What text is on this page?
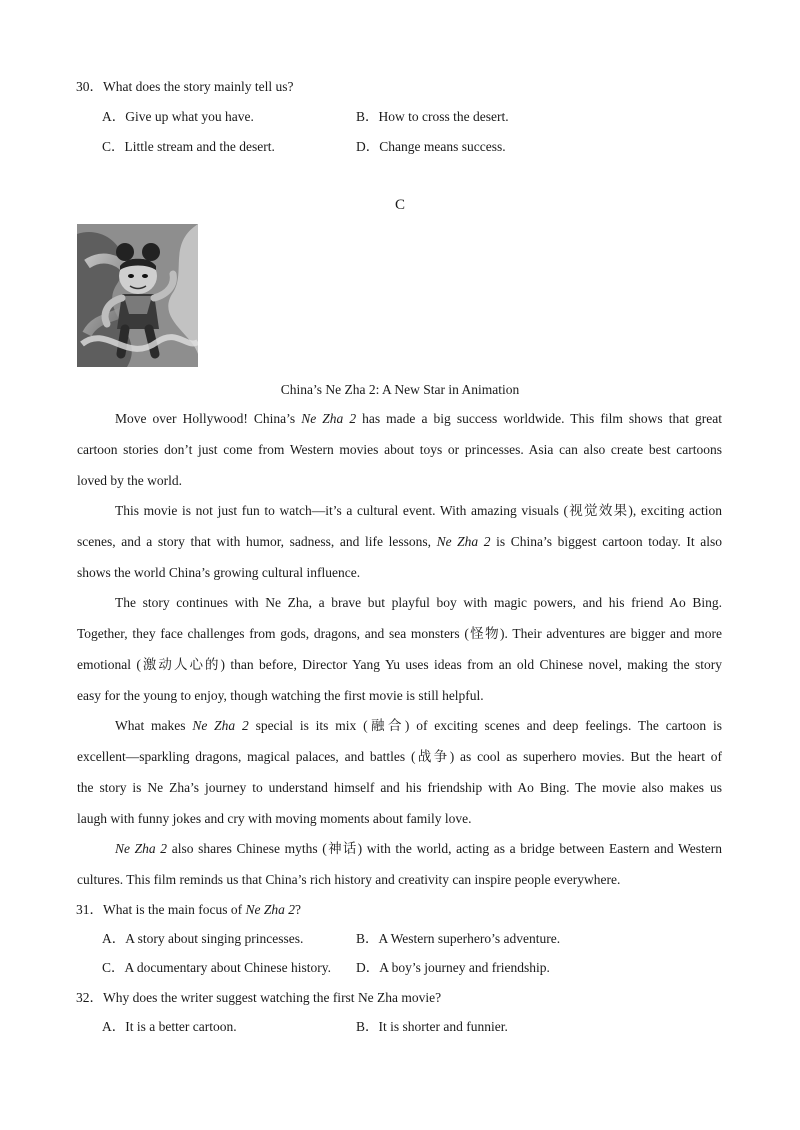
30．What does the story mainly tell us?
A．Give up what you have.	B．How to cross the desert.
C．Little stream and the desert.	D．Change means success.
C
China’s Ne Zha 2: A New Star in Animation
Move over Hollywood! China’s Ne Zha 2 has made a big success worldwide. This film shows that great
cartoon stories don’t just come from Western movies about toys or princesses. Asia can also create best cartoons
loved by the world.
This movie is not just fun to watch—it’s a cultural event. With amazing visuals (视觉效果), exciting action
scenes, and a story that with humor, sadness, and life lessons, Ne Zha 2 is China’s biggest cartoon today. It also
shows the world China’s growing cultural influence.
The story continues with Ne Zha, a brave but playful boy with magic powers, and his friend Ao Bing.
Together, they face challenges from gods, dragons, and sea monsters (怪物). Their adventures are bigger and more
emotional (激动人心的) than before, Director Yang Yu uses ideas from an old Chinese novel, making the story
easy for the young to enjoy, though watching the first movie is still helpful.
What makes Ne Zha 2 special is its mix (融合) of exciting scenes and deep feelings. The cartoon is
excellent—sparkling dragons, magical palaces, and battles (战争) as cool as superhero movies. But the heart of
the story is Ne Zha’s journey to understand himself and his friendship with Ao Bing. The movie also makes us
laugh with funny jokes and cry with moving moments about family love.
Ne Zha 2 also shares Chinese myths (神话) with the world, acting as a bridge between Eastern and Western
cultures. This film reminds us that China’s rich history and creativity can inspire people everywhere.
31．What is the main focus of Ne Zha 2?
A．A story about singing princesses.	B．A Western superhero’s adventure.
C．A documentary about Chinese history. D．A boy’s journey and friendship.
32．Why does the writer suggest watching the first Ne Zha movie?
A．It is a better cartoon.	B．It is shorter and funnier.
